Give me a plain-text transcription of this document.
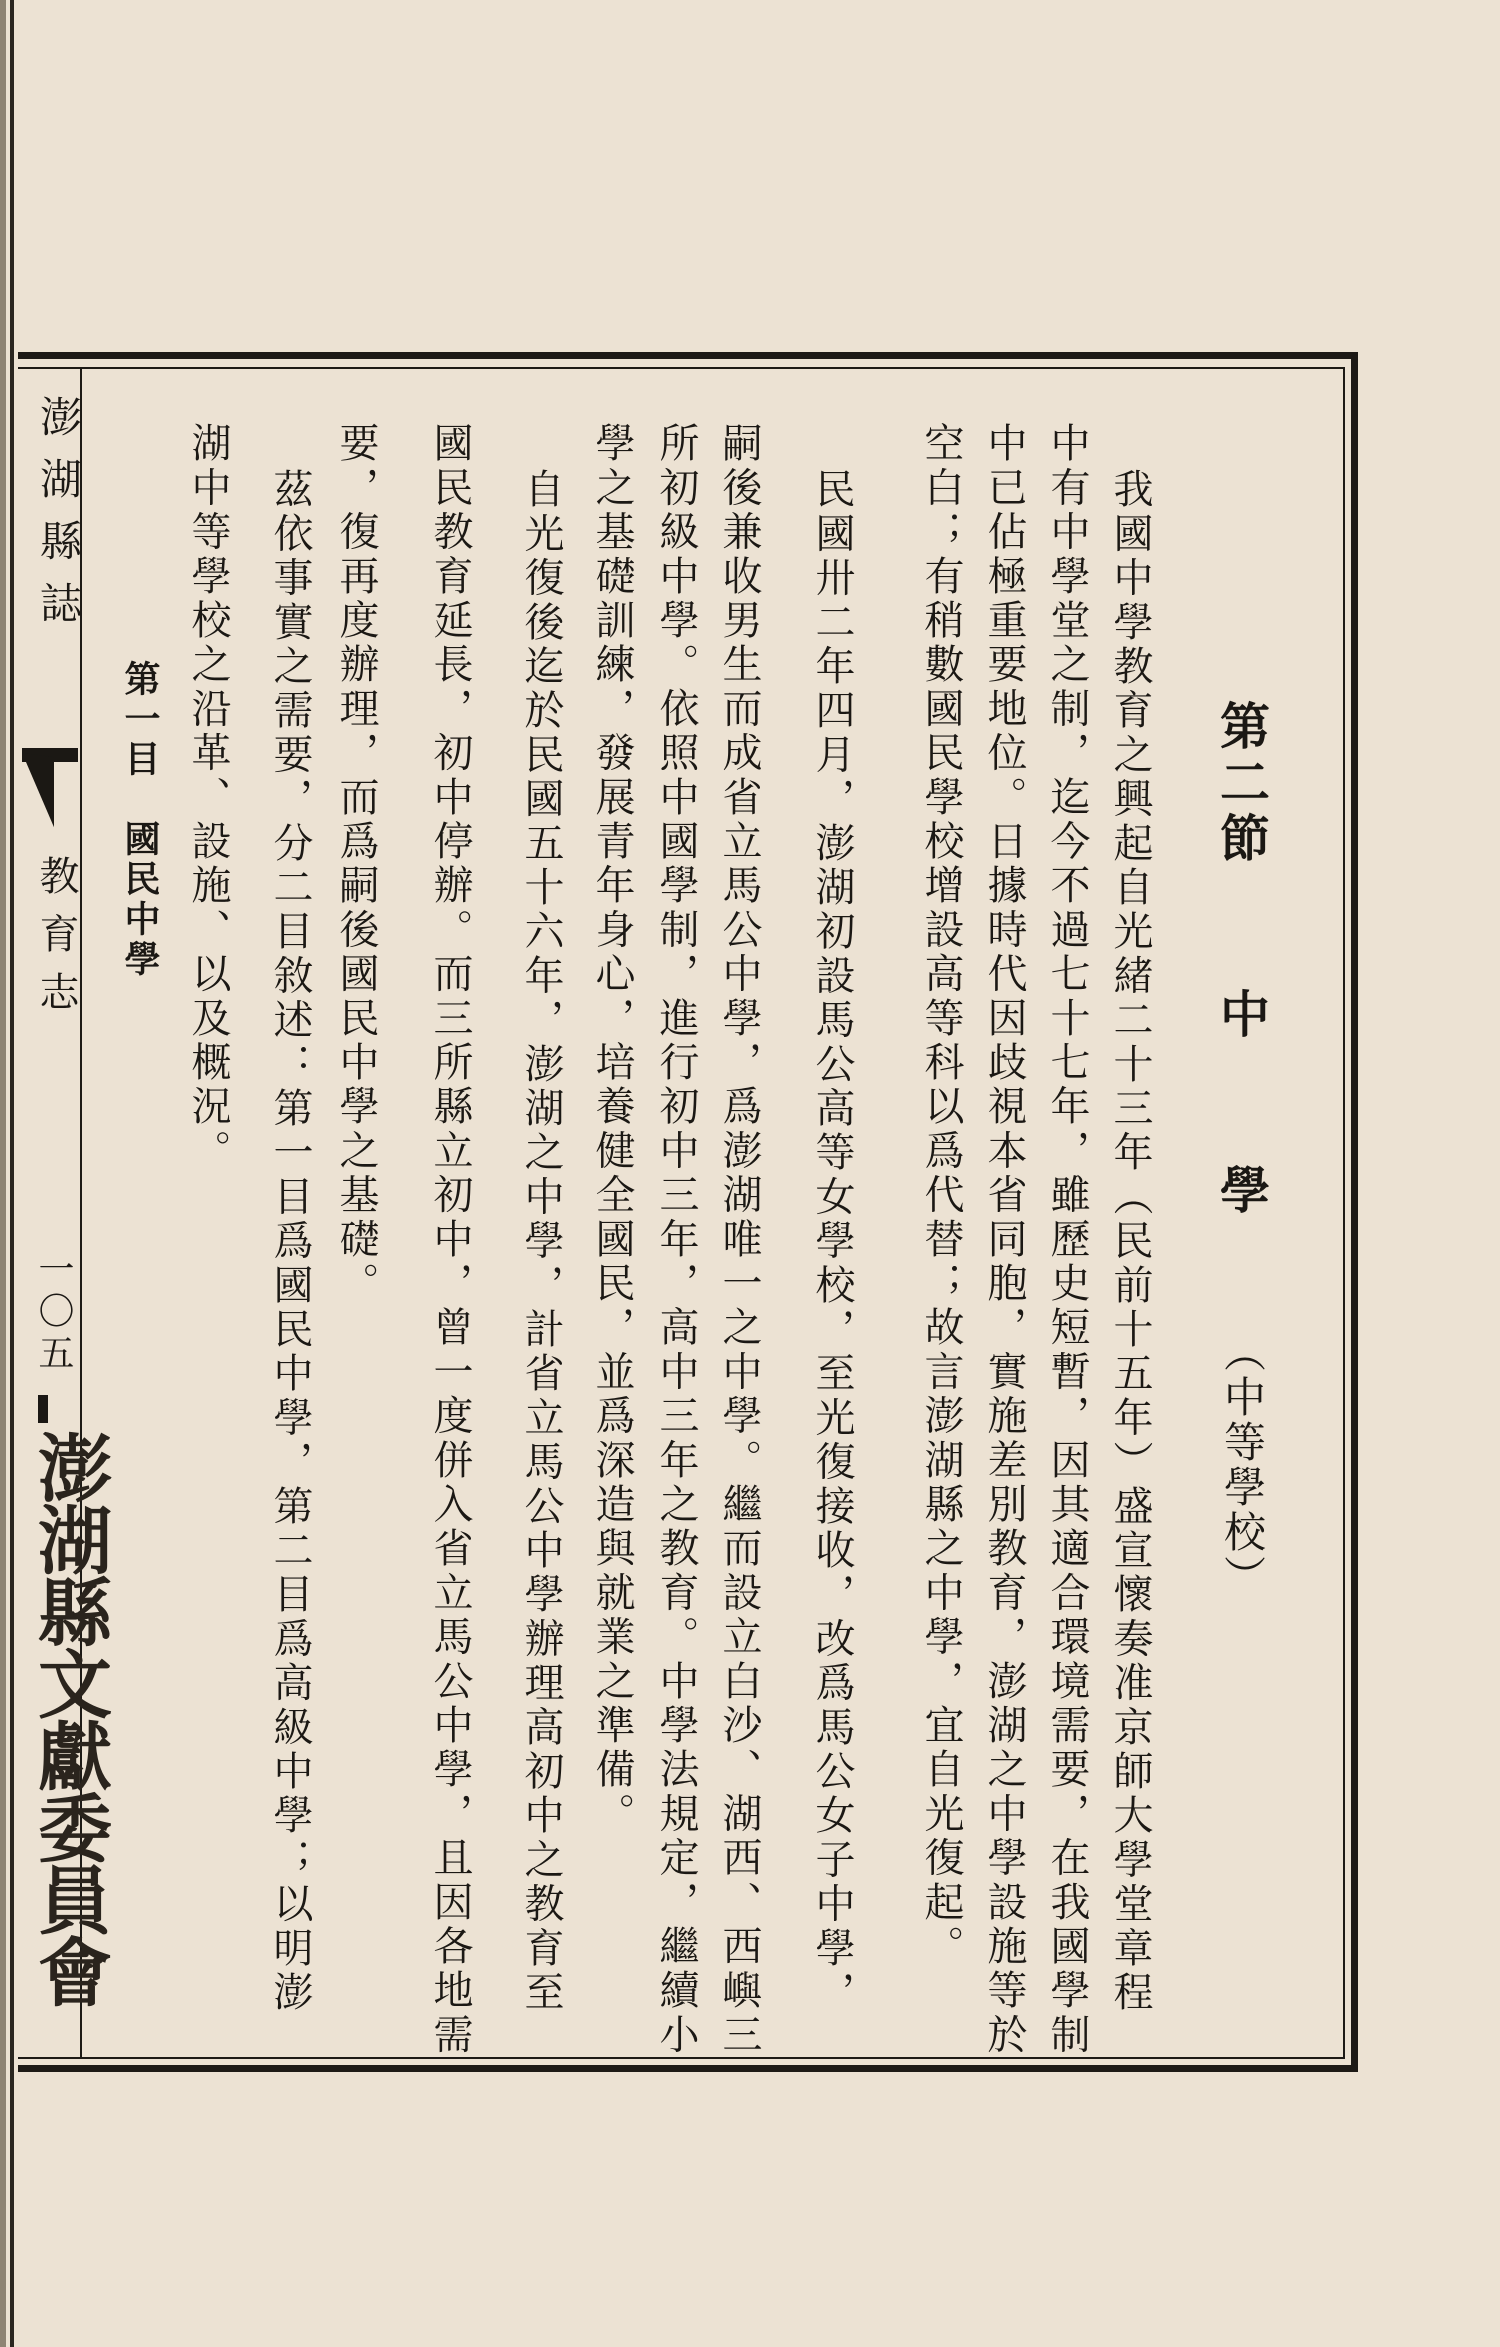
第二節中學
（中等學校）
我國中學教育之興起自光緒二十三年（民前十五年）盛宣懷奏准京師大學堂章程
中有中學堂之制，迄今不過七十七年，雖歷史短暫，因其適合環境需要，在我國學制
中已佔極重要地位。日據時代因歧視本省同胞，實施差別教育，澎湖之中學設施等於
空白；有稍數國民學校增設高等科以爲代替；故言澎湖縣之中學，宜自光復起。
民國卅二年四月，澎湖初設馬公高等女學校，至光復接收，改爲馬公女子中學，
嗣後兼收男生而成省立馬公中學，爲澎湖唯一之中學。繼而設立白沙、湖西、西嶼三
所初級中學。依照中國學制，進行初中三年，高中三年之教育。中學法規定，繼續小
學之基礎訓練，發展青年身心，培養健全國民，並爲深造與就業之準備。
自光復後迄於民國五十六年，澎湖之中學，計省立馬公中學辦理高初中之教育至
國民教育延長，初中停辦。而三所縣立初中，曾一度併入省立馬公中學，且因各地需
要，復再度辦理，而爲嗣後國民中學之基礎。
茲依事實之需要，分二目敘述：第一目爲國民中學，第二目爲高級中學；以明澎
湖中等學校之沿革、設施、以及概況。
第一目　國民中學
澎湖縣誌
教育志
一〇五
澎湖縣文獻委員會
